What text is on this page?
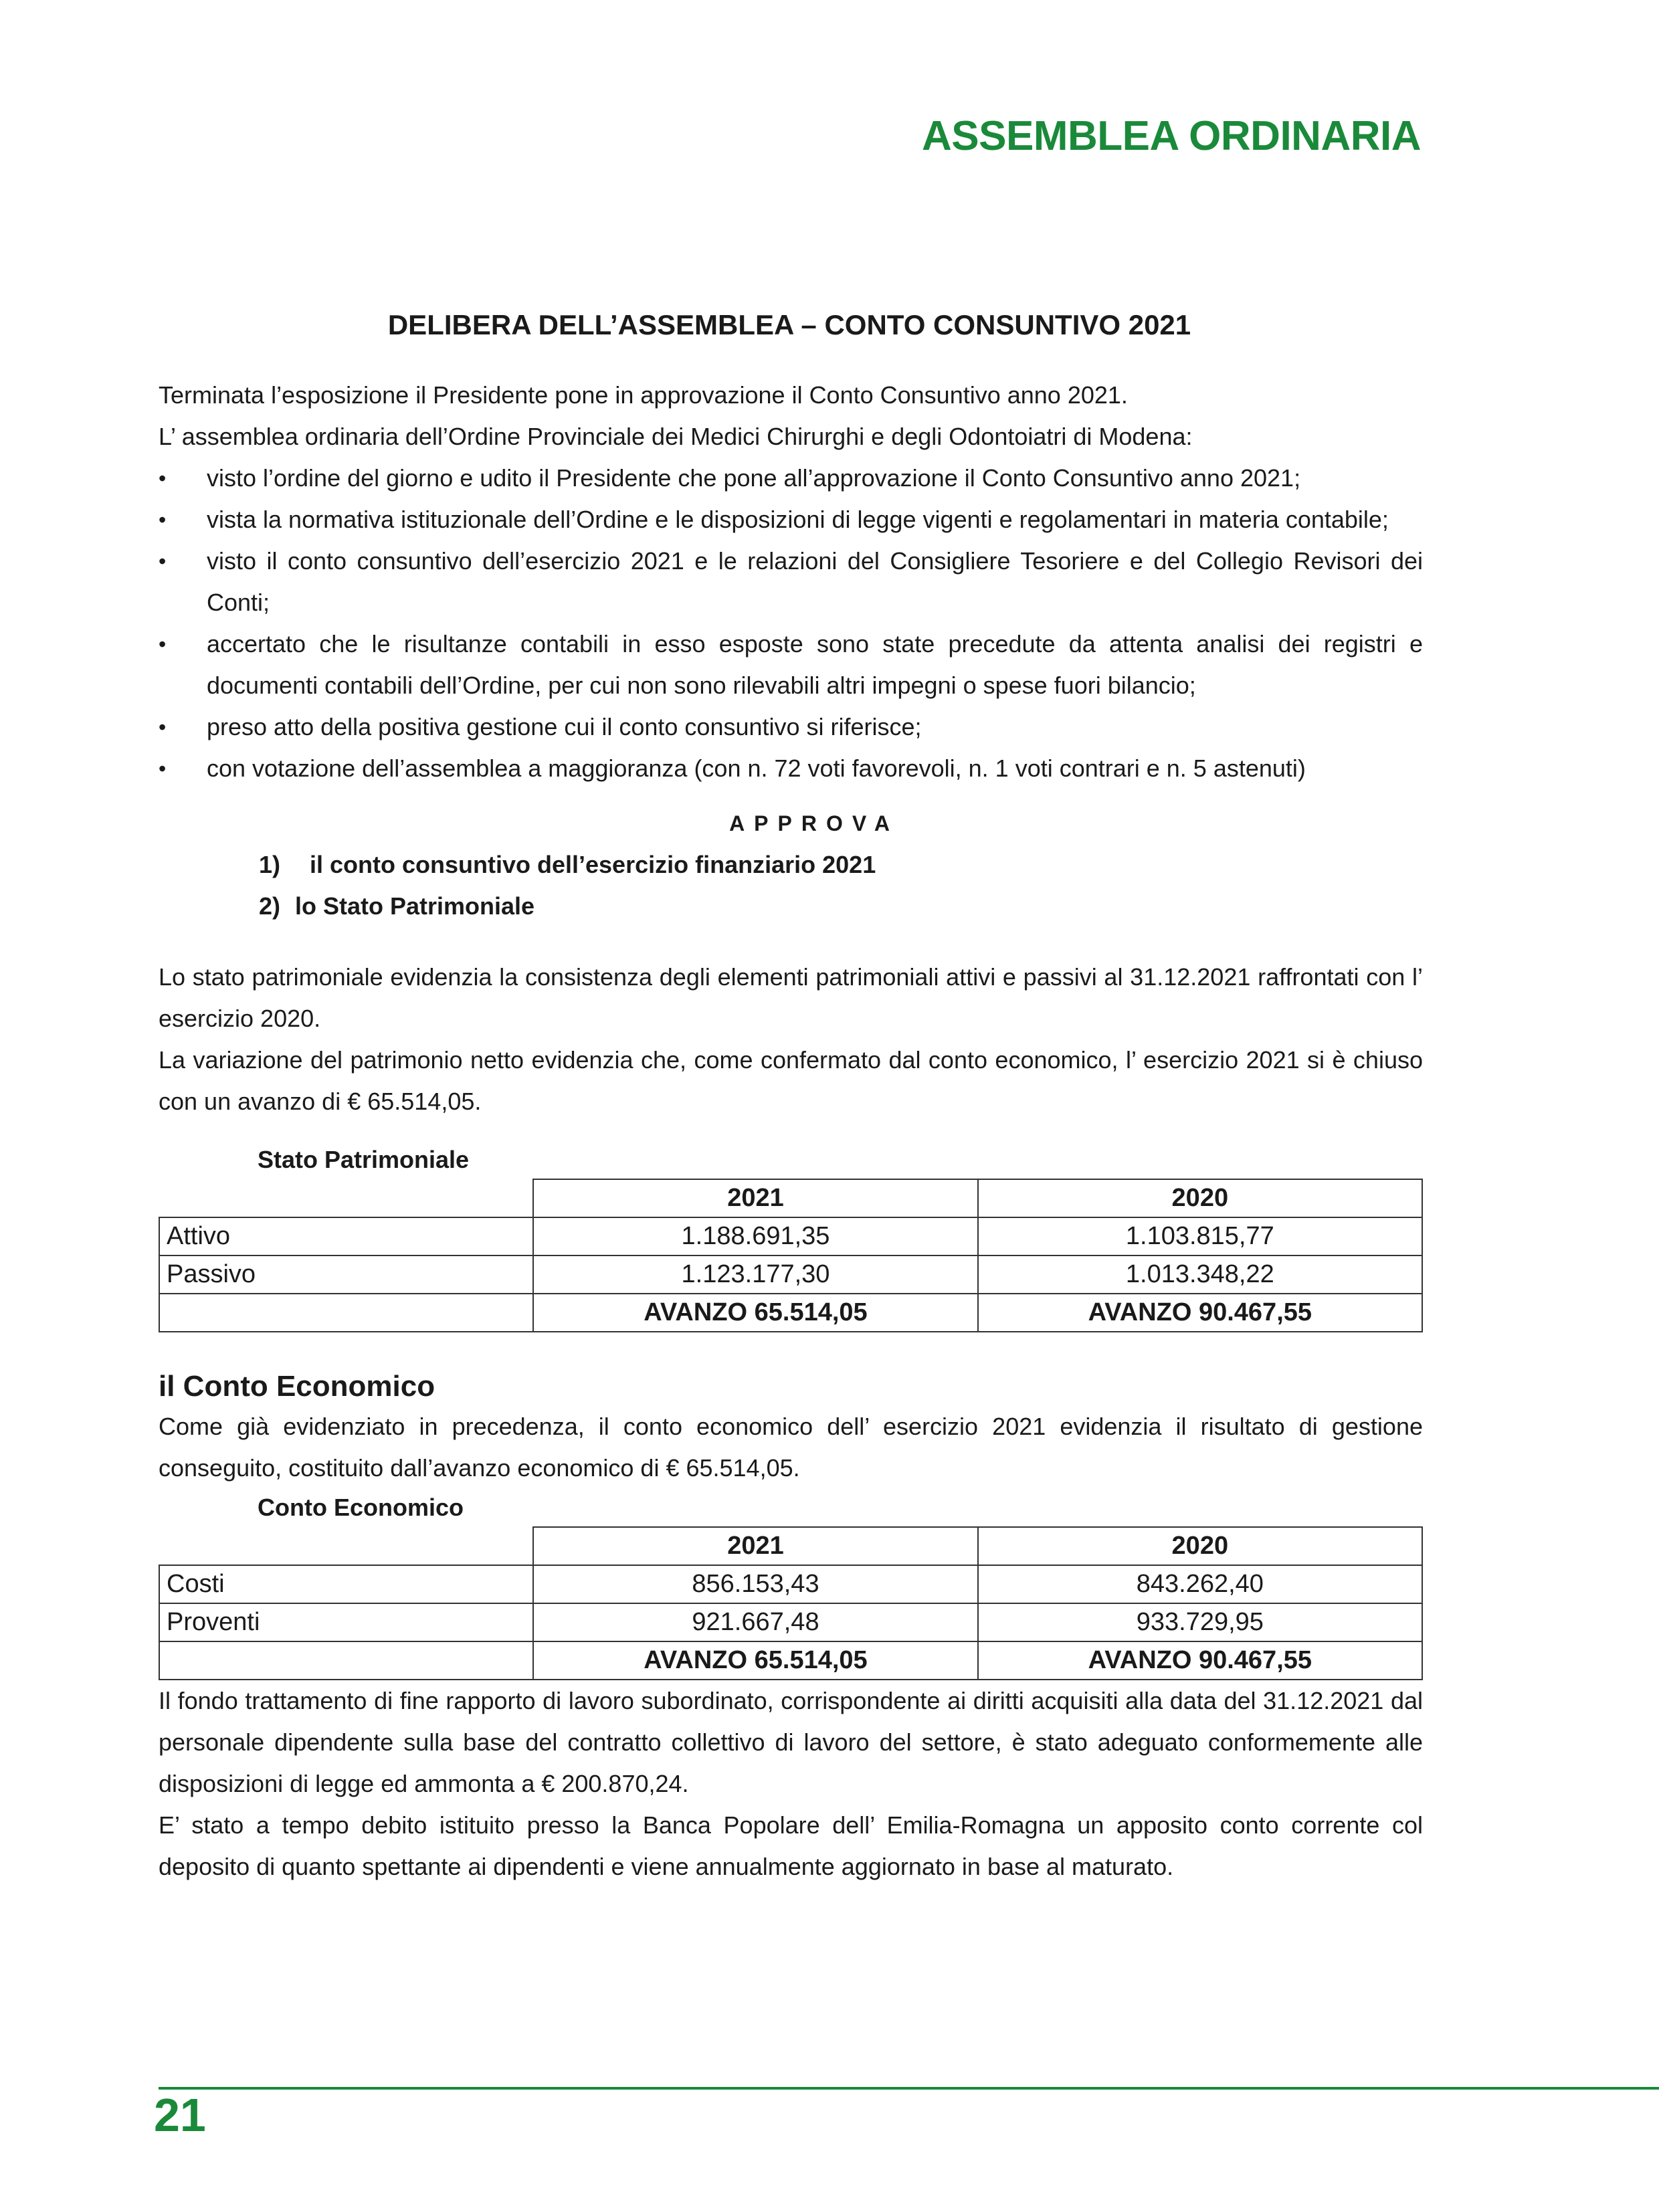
ASSEMBLEA ORDINARIA
DELIBERA DELL’ASSEMBLEA – CONTO CONSUNTIVO 2021

Terminata l’esposizione il Presidente pone in approvazione il Conto Consuntivo anno 2021.

L’ assemblea ordinaria dell’Ordine Provinciale dei Medici Chirurghi e degli Odontoiatri di Modena:

• visto l’ordine del giorno e udito il Presidente che pone all’approvazione il Conto Consuntivo anno 2021;
• vista la normativa istituzionale dell’Ordine e le disposizioni di legge vigenti e regolamentari in materia contabile;
• visto il conto consuntivo dell’esercizio 2021 e le relazioni del Consigliere Tesoriere e del Collegio Revisori dei Conti;
• accertato che le risultanze contabili in esso esposte sono state precedute da attenta analisi dei registri e documenti contabili dell’Ordine, per cui non sono rilevabili altri impegni o spese fuori bilancio;
• preso atto della positiva gestione cui il conto consuntivo si riferisce;
• con votazione dell’assemblea a maggioranza (con n. 72 voti favorevoli, n. 1 voti contrari e n. 5 astenuti)
APPROVA
1) il conto consuntivo dell’esercizio finanziario 2021
2) lo Stato Patrimoniale

Lo stato patrimoniale evidenzia la consistenza degli elementi patrimoniali attivi e passivi al 31.12.2021 raffrontati con l’ esercizio 2020.

La variazione del patrimonio netto evidenzia che, come confermato dal conto economico, l’ esercizio 2021 si è chiuso con un avanzo di € 65.514,05.

Stato Patrimoniale
	2021	2020
Attivo	1.188.691,35	1.103.815,77
Passivo	1.123.177,30	1.013.348,22
	AVANZO 65.514,05	AVANZO 90.467,55
il Conto Economico

Come già evidenziato in precedenza, il conto economico dell’ esercizio 2021 evidenzia il risultato di gestione conseguito, costituito dall’avanzo economico di € 65.514,05.

Conto Economico
	2021	2020
Costi	856.153,43	843.262,40
Proventi	921.667,48	933.729,95
	AVANZO 65.514,05	AVANZO 90.467,55

Il fondo trattamento di fine rapporto di lavoro subordinato, corrispondente ai diritti acquisiti alla data del 31.12.2021 dal personale dipendente sulla base del contratto collettivo di lavoro del settore, è stato adeguato conformemente alle disposizioni di legge ed ammonta a € 200.870,24.

E’ stato a tempo debito istituito presso la Banca Popolare dell’ Emilia-Romagna un apposito conto corrente col deposito di quanto spettante ai dipendenti e viene annualmente aggiornato in base al maturato.

21
